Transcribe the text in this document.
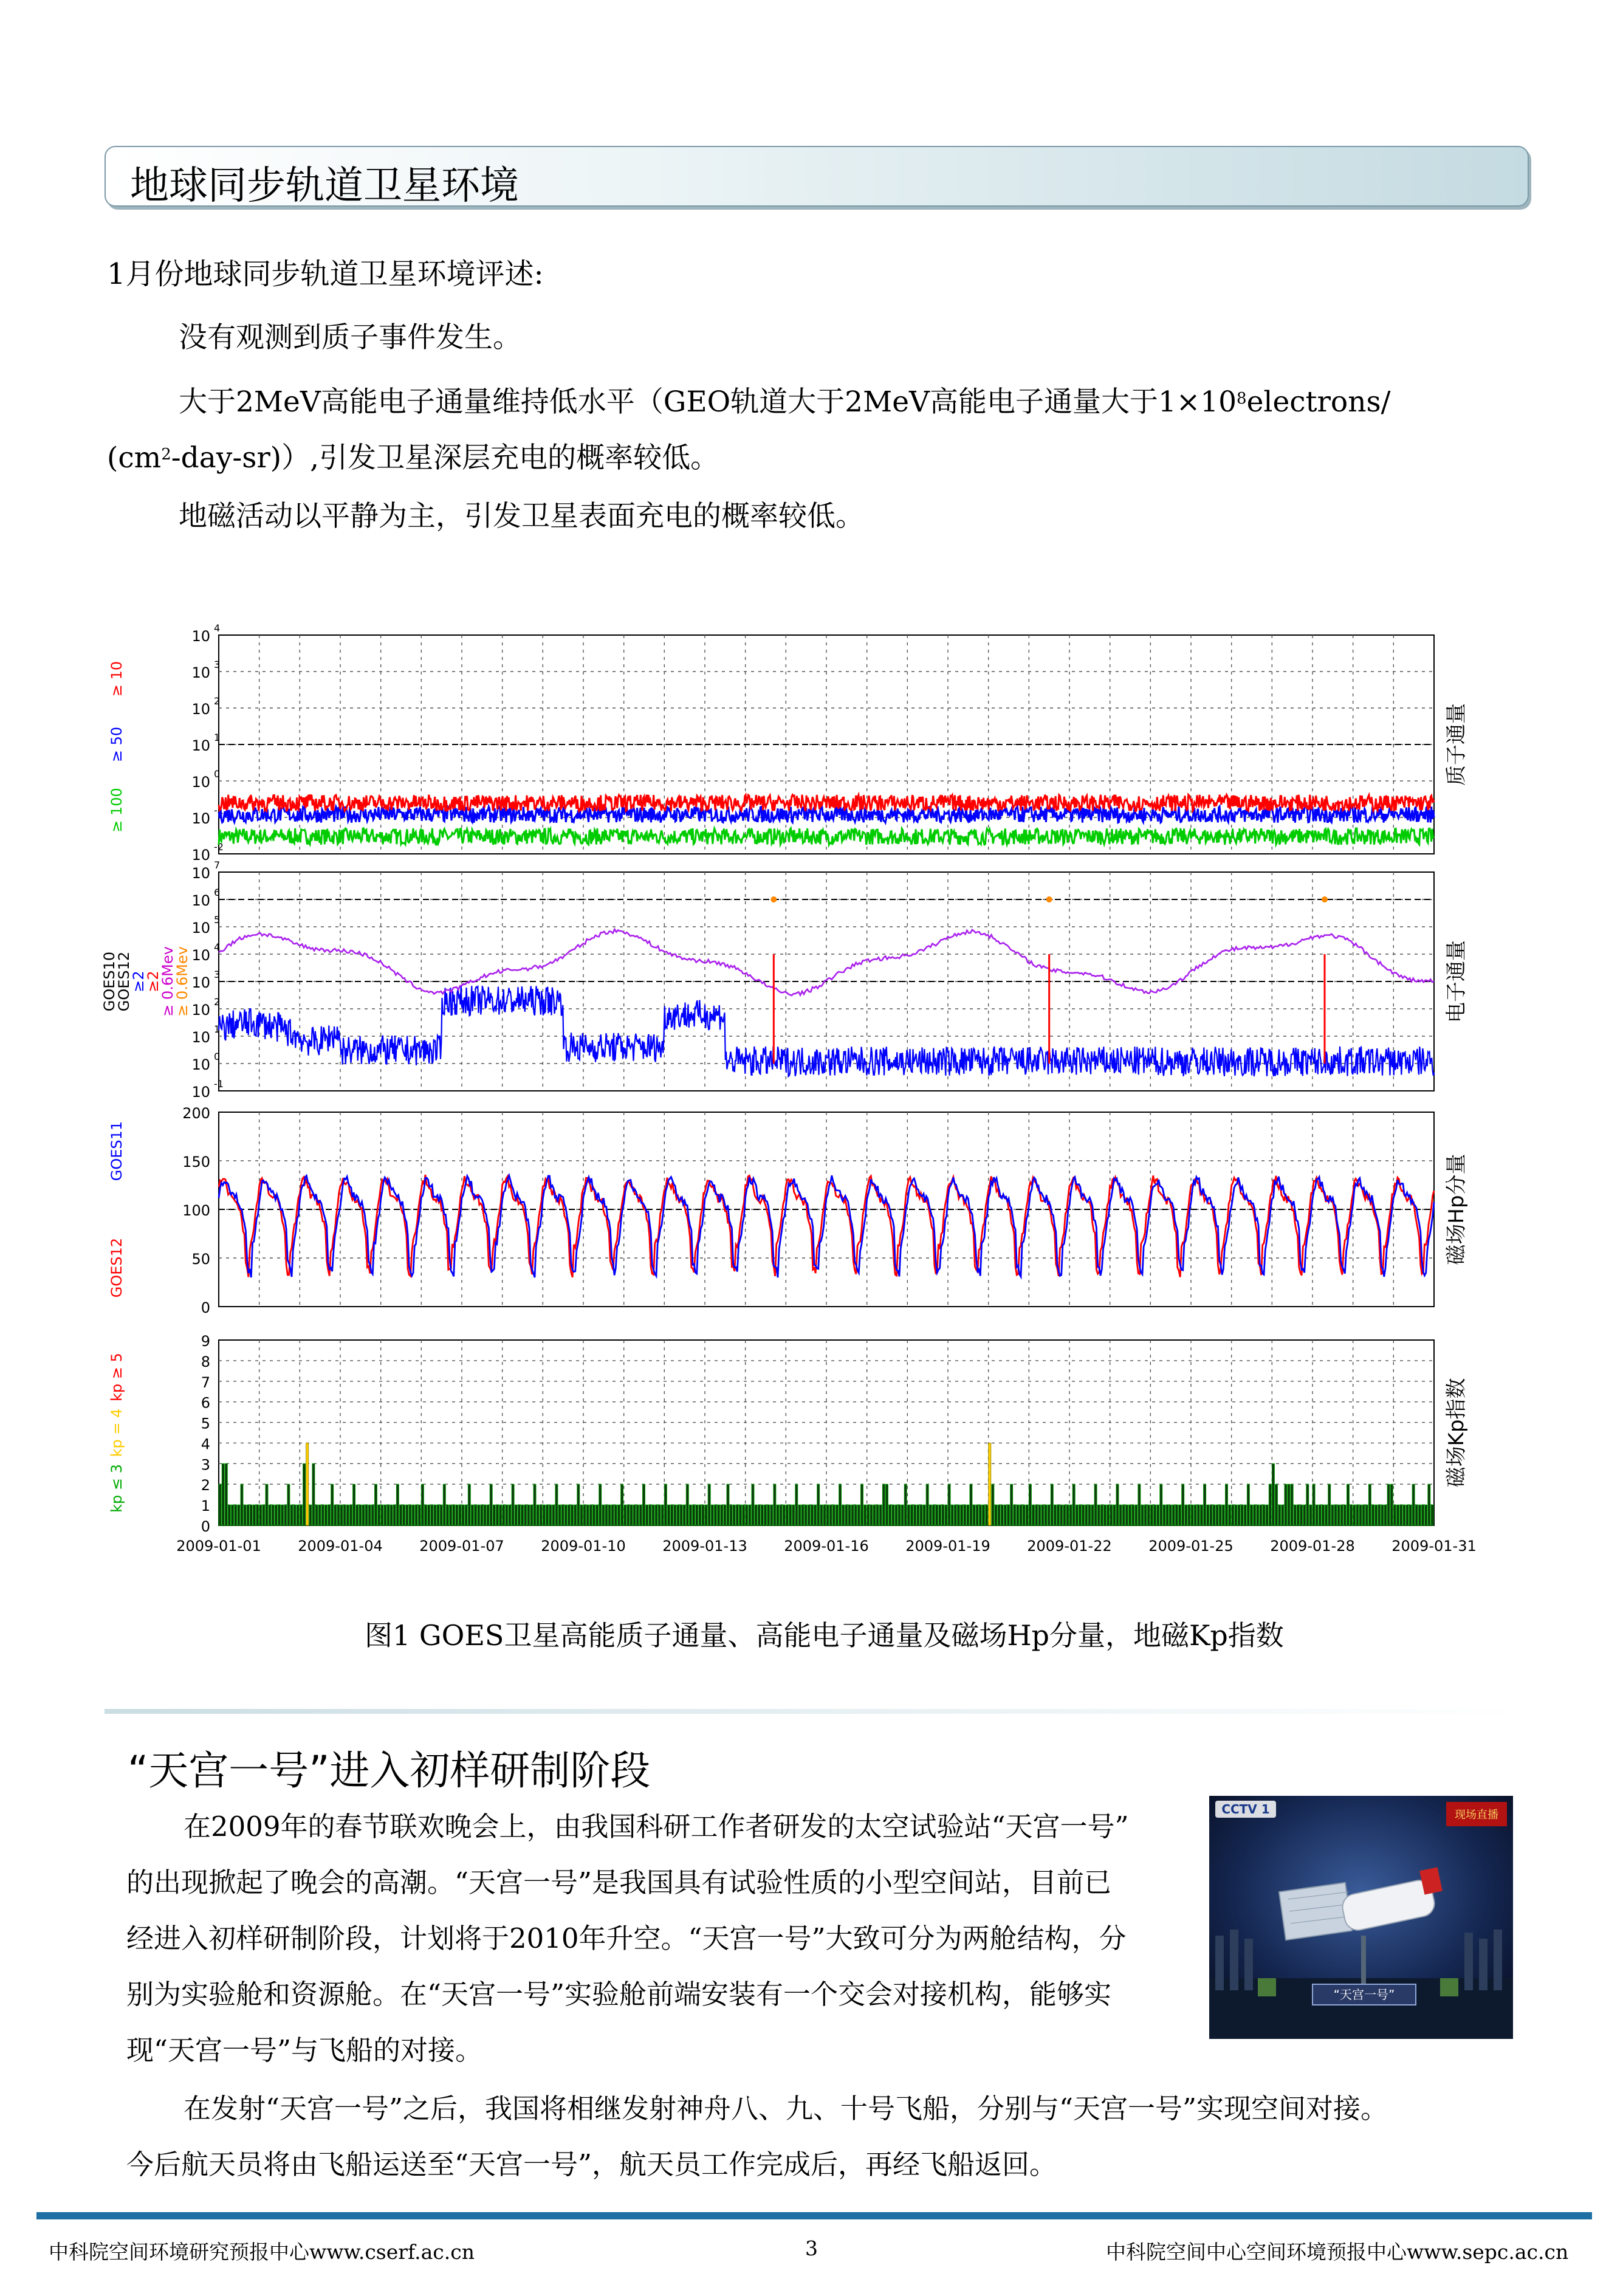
地球同步轨道卫星环境
1月份地球同步轨道卫星环境评述:
没有观测到质子事件发生。
大于2MeV高能电子通量维持低水平（GEO轨道大于2MeV高能电子通量大于$1\times 10^8electrons/$
$(cm^2-day-sr)$）,引发卫星深层充电的概率较低。
地磁活动以平静为主，引发卫星表面充电的概率较低。
10 4
10 3
10 2
10 1
10 0
10 -1
10 -2
质子通量
≥ 10
≥ 50
≥ 100
10 7
10 6
10 5
10 4
10 3
10 2
10 1
10 0
10 -1
电子通量
GOES10
GOES12
≥2
≥2
≥ 0.6Mev
≥ 0.6Mev
200
150
100
50
0
磁场Hp分量
GOES11
GOES12
9
8
7
6
5
4
3
2
1
0
磁场Kp指数
kp ≥ 5
kp = 4
kp ≤ 3
2009-01-01	2009-01-04	2009-01-07	2009-01-10	2009-01-13	2009-01-16	2009-01-19	2009-01-22	2009-01-25	2009-01-28	2009-01-31
图1 GOES卫星高能质子通量、高能电子通量及磁场Hp分量，地磁Kp指数
“天宫一号”进入初样研制阶段
在2009年的春节联欢晚会上，由我国科研工作者研发的太空试验站“天宫一号”
的出现掀起了晚会的高潮。“天宫一号”是我国具有试验性质的小型空间站，目前已
经进入初样研制阶段，计划将于2010年升空。“天宫一号”大致可分为两舱结构，分
别为实验舱和资源舱。在“天宫一号”实验舱前端安装有一个交会对接机构，能够实
现“天宫一号”与飞船的对接。
在发射“天宫一号”之后，我国将相继发射神舟八、九、十号飞船，分别与“天宫一号”实现空间对接。
今后航天员将由飞船运送至“天宫一号”，航天员工作完成后，再经飞船返回。
“天宫一号”
CCTV 1	现场直播
中科院空间环境研究预报中心www.cserf.ac.cn	3	中科院空间中心空间环境预报中心www.sepc.ac.cn
